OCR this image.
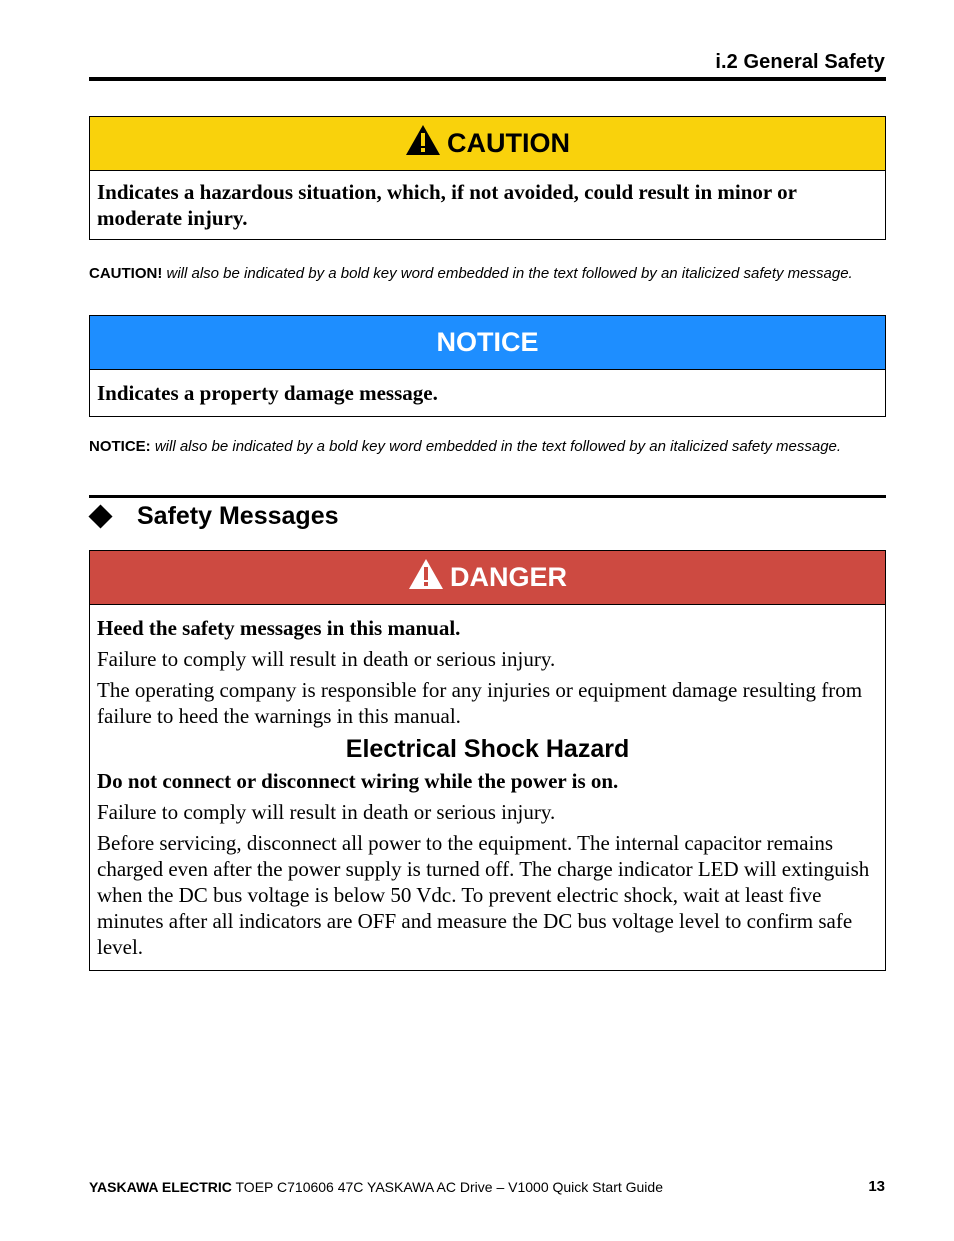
i.2 General Safety
CAUTION
Indicates a hazardous situation, which, if not avoided, could result in minor or moderate injury.
CAUTION! will also be indicated by a bold key word embedded in the text followed by an italicized safety message.
NOTICE
Indicates a property damage message.
NOTICE: will also be indicated by a bold key word embedded in the text followed by an italicized safety message.
Safety Messages
DANGER

Heed the safety messages in this manual.

Failure to comply will result in death or serious injury.

The operating company is responsible for any injuries or equipment damage resulting from failure to heed the warnings in this manual.

Electrical Shock Hazard

Do not connect or disconnect wiring while the power is on.

Failure to comply will result in death or serious injury.

Before servicing, disconnect all power to the equipment. The internal capacitor remains charged even after the power supply is turned off. The charge indicator LED will extinguish when the DC bus voltage is below 50 Vdc. To prevent electric shock, wait at least five minutes after all indicators are OFF and measure the DC bus voltage level to confirm safe level.

YASKAWA ELECTRIC TOEP C710606 47C YASKAWA AC Drive – V1000 Quick Start Guide	13
